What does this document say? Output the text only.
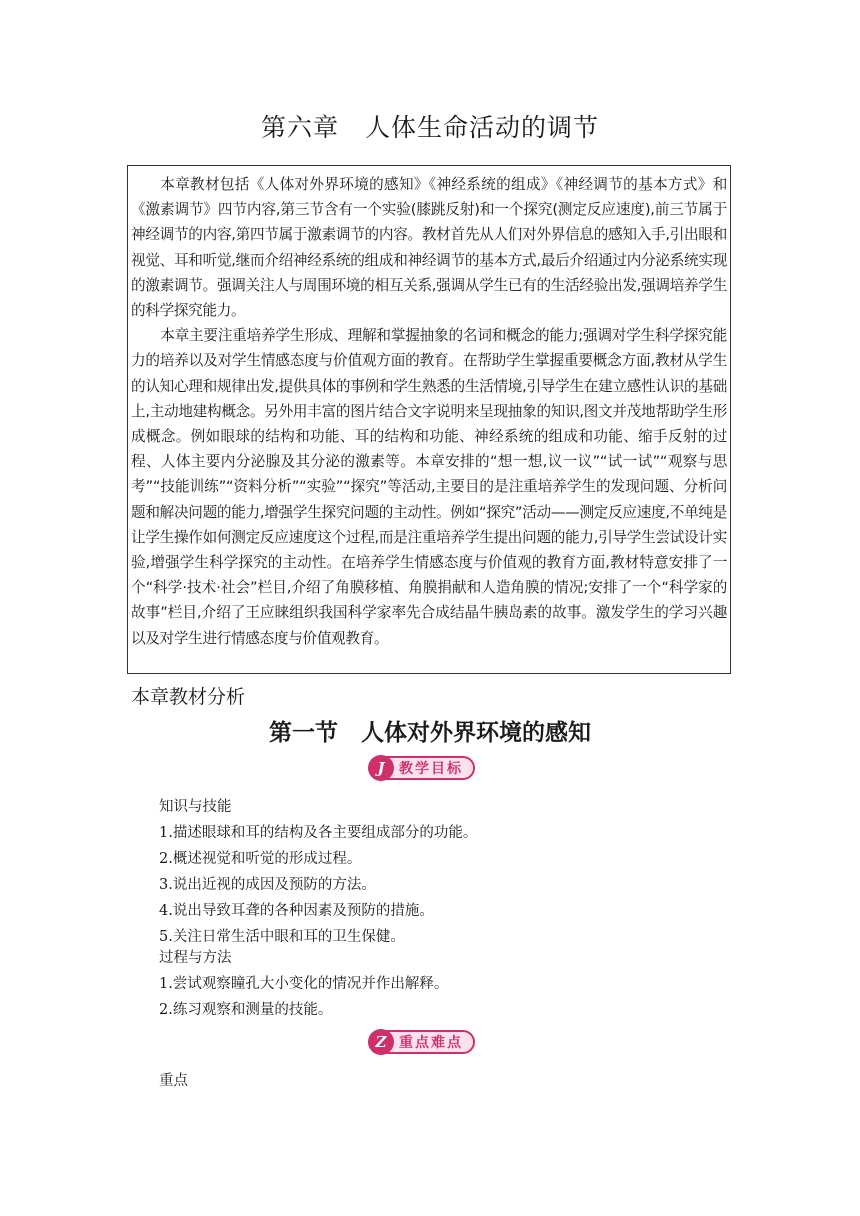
第六章　人体生命活动的调节

本章教材包括《人体对外界环境的感知》《神经系统的组成》《神经调节的基本方式》和《激素调节》四节内容,第三节含有一个实验(膝跳反射)和一个探究(测定反应速度),前三节属于神经调节的内容,第四节属于激素调节的内容。教材首先从人们对外界信息的感知入手,引出眼和视觉、耳和听觉,继而介绍神经系统的组成和神经调节的基本方式,最后介绍通过内分泌系统实现的激素调节。强调关注人与周围环境的相互关系,强调从学生已有的生活经验出发,强调培养学生的科学探究能力。

本章主要注重培养学生形成、理解和掌握抽象的名词和概念的能力;强调对学生科学探究能力的培养以及对学生情感态度与价值观方面的教育。在帮助学生掌握重要概念方面,教材从学生的认知心理和规律出发,提供具体的事例和学生熟悉的生活情境,引导学生在建立感性认识的基础上,主动地建构概念。另外用丰富的图片结合文字说明来呈现抽象的知识,图文并茂地帮助学生形成概念。例如眼球的结构和功能、耳的结构和功能、神经系统的组成和功能、缩手反射的过程、人体主要内分泌腺及其分泌的激素等。本章安排的“想一想,议一议”“试一试”“观察与思考”“技能训练”“资料分析”“实验”“探究”等活动,主要目的是注重培养学生的发现问题、分析问题和解决问题的能力,增强学生探究问题的主动性。例如“探究”活动——测定反应速度,不单纯是让学生操作如何测定反应速度这个过程,而是注重培养学生提出问题的能力,引导学生尝试设计实验,增强学生科学探究的主动性。在培养学生情感态度与价值观的教育方面,教材特意安排了一个“科学·技术·社会”栏目,介绍了角膜移植、角膜捐献和人造角膜的情况;安排了一个“科学家的故事”栏目,介绍了王应睐组织我国科学家率先合成结晶牛胰岛素的故事。激发学生的学习兴趣以及对学生进行情感态度与价值观教育。

本章教材分析
第一节　人体对外界环境的感知
J	教学目标

知识与技能

1.描述眼球和耳的结构及各主要组成部分的功能。

2.概述视觉和听觉的形成过程。

3.说出近视的成因及预防的方法。

4.说出导致耳聋的各种因素及预防的措施。

5.关注日常生活中眼和耳的卫生保健。

过程与方法

1.尝试观察瞳孔大小变化的情况并作出解释。

2.练习观察和测量的技能。

Z 重点难点

重点
